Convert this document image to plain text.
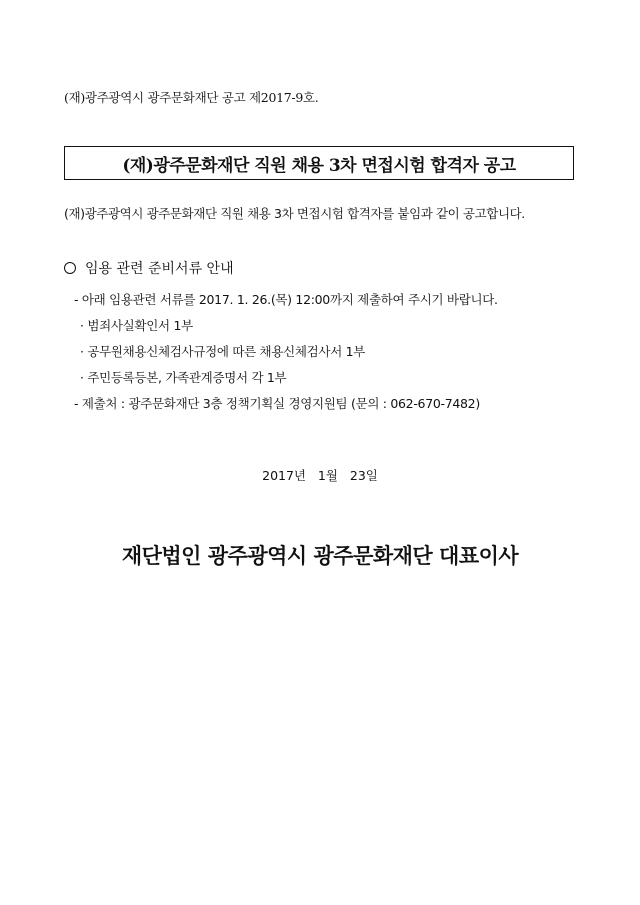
(재)광주광역시 광주문화재단 공고 제2017-9호.
(재)광주문화재단 직원 채용 3차 면접시험 합격자 공고
(재)광주광역시 광주문화재단 직원 채용 3차 면접시험 합격자를 붙임과 같이 공고합니다.
임용 관련 준비서류 안내
- 아래 임용관련 서류를 2017. 1. 26.(목) 12:00까지 제출하여 주시기 바랍니다.
· 범죄사실확인서 1부
· 공무원채용신체검사규정에 따른 채용신체검사서 1부
· 주민등록등본, 가족관계증명서 각 1부
- 제출처 : 광주문화재단 3층 정책기획실 경영지원팀 (문의 : 062-670-7482)
2017년   1월   23일
재단법인 광주광역시 광주문화재단 대표이사
